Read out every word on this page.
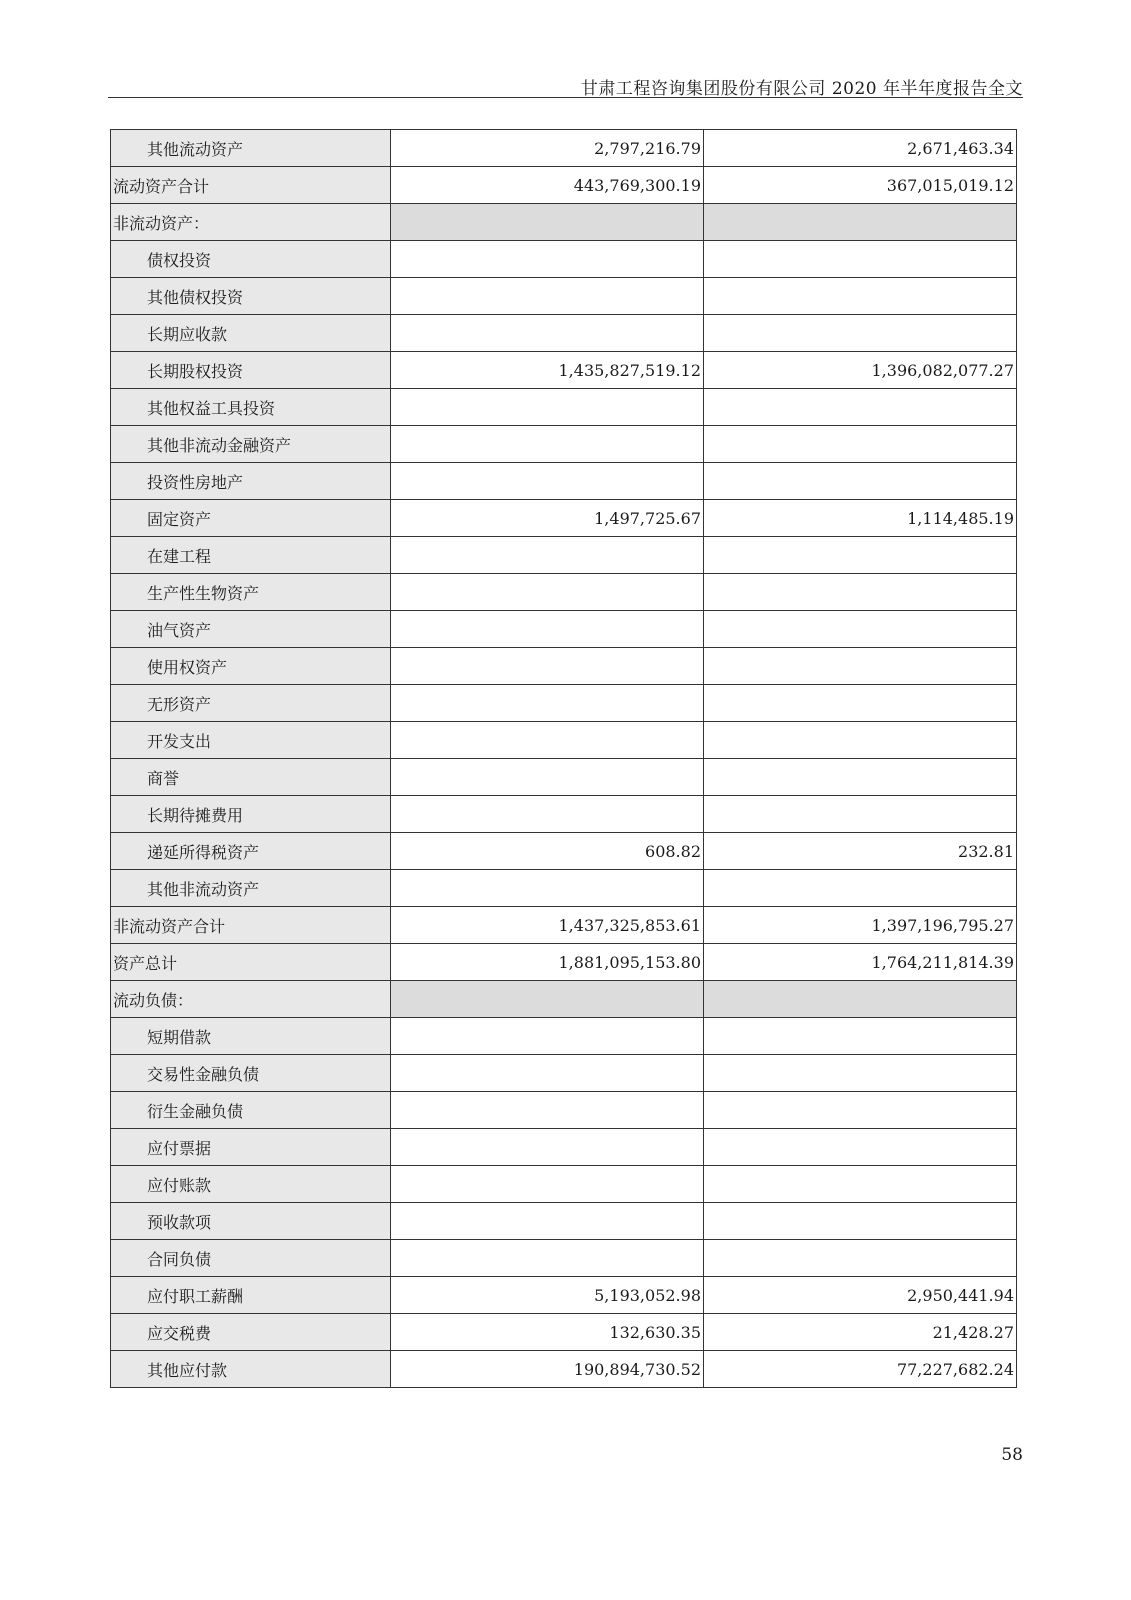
甘肃工程咨询集团股份有限公司 2020 年半年度报告全文
其他流动资产	2,797,216.79	2,671,463.34
流动资产合计	443,769,300.19	367,015,019.12
非流动资产：		
债权投资		
其他债权投资		
长期应收款		
长期股权投资	1,435,827,519.12	1,396,082,077.27
其他权益工具投资		
其他非流动金融资产		
投资性房地产		
固定资产	1,497,725.67	1,114,485.19
在建工程		
生产性生物资产		
油气资产		
使用权资产		
无形资产		
开发支出		
商誉		
长期待摊费用		
递延所得税资产	608.82	232.81
其他非流动资产		
非流动资产合计	1,437,325,853.61	1,397,196,795.27
资产总计	1,881,095,153.80	1,764,211,814.39
流动负债：		
短期借款		
交易性金融负债		
衍生金融负债		
应付票据		
应付账款		
预收款项		
合同负债		
应付职工薪酬	5,193,052.98	2,950,441.94
应交税费	132,630.35	21,428.27
其他应付款	190,894,730.52	77,227,682.24
58
